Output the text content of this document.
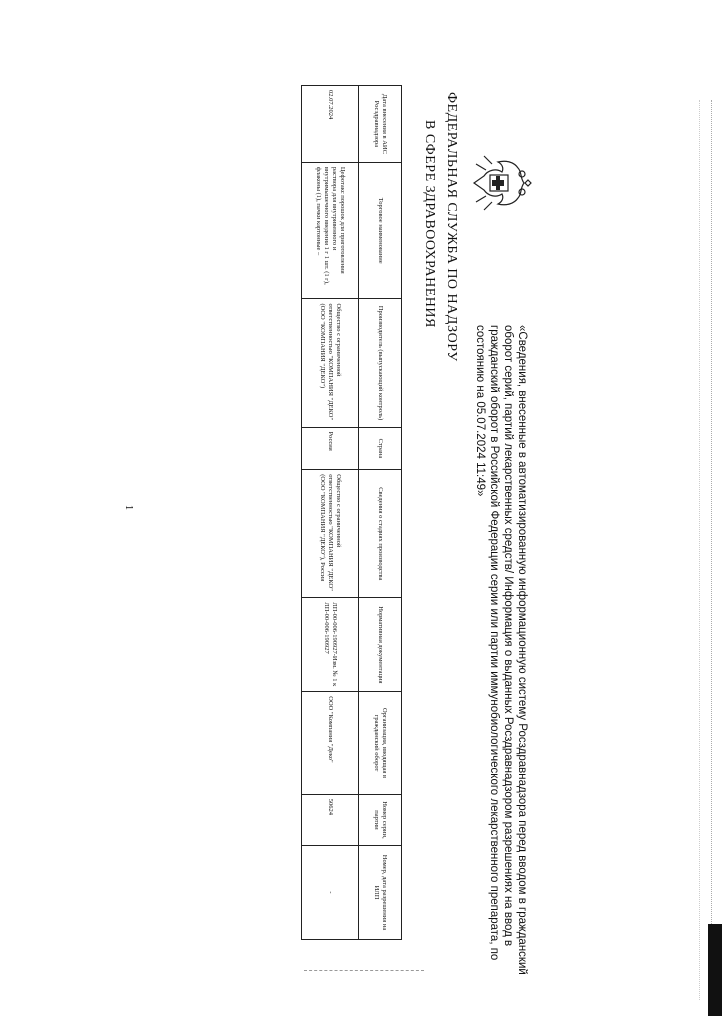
ФЕДЕРАЛЬНАЯ СЛУЖБА ПО НАДЗОРУ
В СФЕРЕ ЗДРАВООХРАНЕНИЯ
«Сведения, внесенные в автоматизированную информационную систему Росздравнадзора перед вводом в гражданский оборот серий, партий лекарственных средств/ Информация о выданных Росздравнадзором разрешениях на ввод в гражданский оборот в Российской Федерации серии или партии иммунобиологического лекарственного препарата, по состоянию на 05.07.2024 11:49»
Дата внесения в АИС Росздравнадзора	Торговое наименование	Производитель (выпускающий контроль)	Страна	Сведения о стадиях производства	Нормативная документация	Организация, вводящая в гражданский оборот	Номер серии, партии	Номер, дата разрешения на ИЛП
02.07.2024	Цефотакс порошок для приготовления раствора для внутривенного и внутримышечного введения 1 г 1 шт. (1 г), флаконы (1), пачки картонные –	Общество с ограниченной ответственностью "КОМПАНИЯ "ДЕКО" (ООО "КОМПАНИЯ "ДЕКО")	Россия	Общество с ограниченной ответственностью "КОМПАНИЯ "ДЕКО" (ООО "КОМПАНИЯ "ДЕКО"), Россия	ЛП-00-006-190927-Изм. № 1 к ЛП-00-006-190927	ООО "Компания "Деко"	50624	-
1
